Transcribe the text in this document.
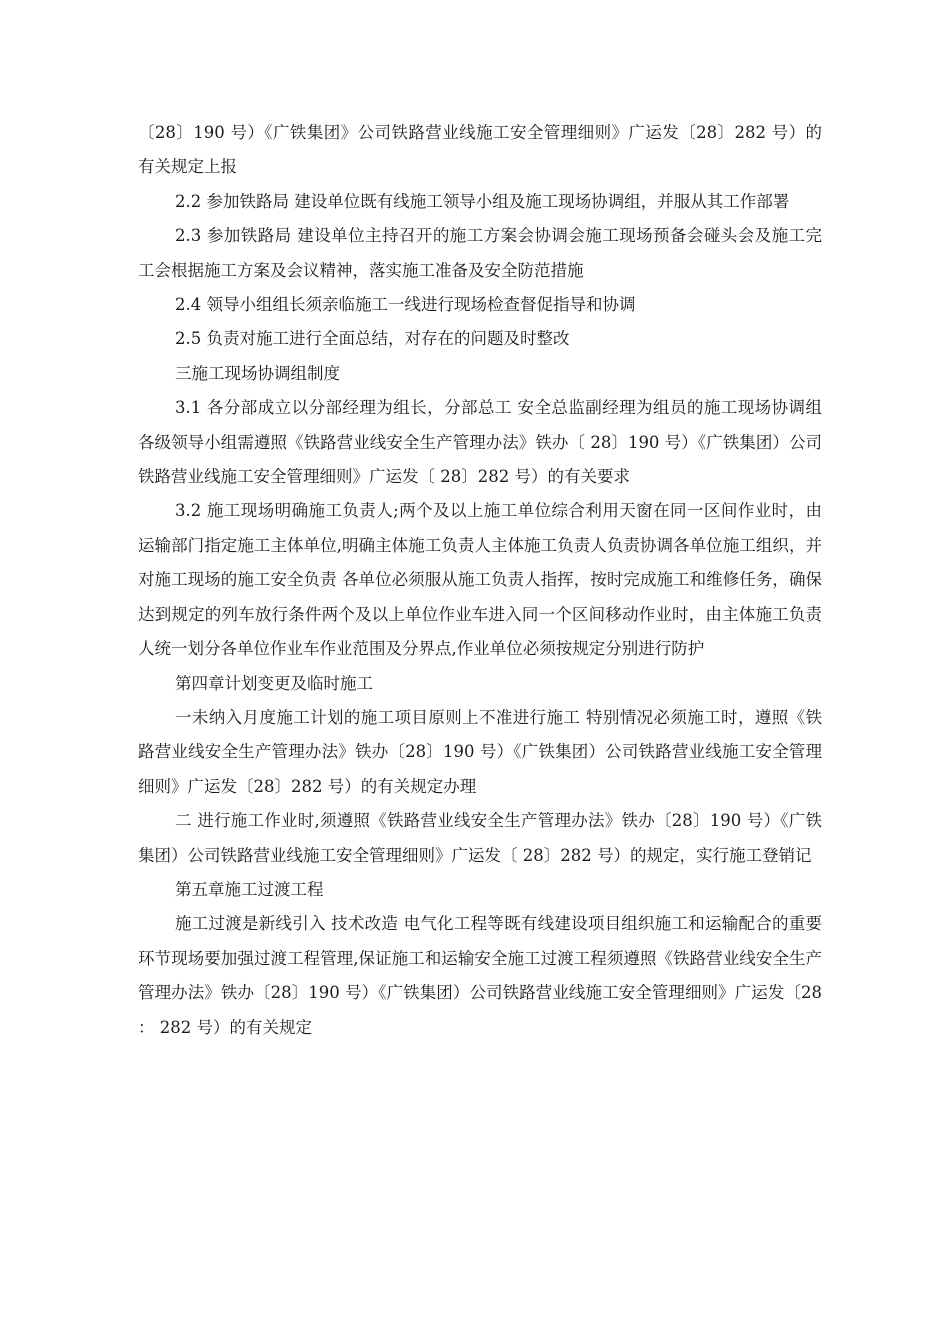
〔28〕190 号）《广铁集团》公司铁路营业线施工安全管理细则》广运发〔28〕282 号）的有关规定上报

2.2 参加铁路局 建设单位既有线施工领导小组及施工现场协调组，并服从其工作部署

2.3 参加铁路局 建设单位主持召开的施工方案会协调会施工现场预备会碰头会及施工完工会根据施工方案及会议精神，落实施工准备及安全防范措施

2.4 领导小组组长须亲临施工一线进行现场检查督促指导和协调

2.5 负责对施工进行全面总结，对存在的问题及时整改

三施工现场协调组制度

3.1 各分部成立以分部经理为组长，分部总工 安全总监副经理为组员的施工现场协调组各级领导小组需遵照《铁路营业线安全生产管理办法》铁办〔 28〕190 号）《广铁集团）公司铁路营业线施工安全管理细则》广运发〔 28〕282 号）的有关要求

3.2 施工现场明确施工负责人;两个及以上施工单位综合利用天窗在同一区间作业时，由运输部门指定施工主体单位,明确主体施工负责人主体施工负责人负责协调各单位施工组织，并对施工现场的施工安全负责 各单位必须服从施工负责人指挥，按时完成施工和维修任务，确保达到规定的列车放行条件两个及以上单位作业车进入同一个区间移动作业时，由主体施工负责人统一划分各单位作业车作业范围及分界点,作业单位必须按规定分别进行防护

第四章计划变更及临时施工

一未纳入月度施工计划的施工项目原则上不准进行施工 特别情况必须施工时，遵照《铁路营业线安全生产管理办法》铁办〔28〕190 号）《广铁集团）公司铁路营业线施工安全管理细则》广运发〔28〕282 号）的有关规定办理

二 进行施工作业时,须遵照《铁路营业线安全生产管理办法》铁办〔28〕190 号）《广铁集团）公司铁路营业线施工安全管理细则》广运发〔 28〕282 号）的规定，实行施工登销记

第五章施工过渡工程

施工过渡是新线引入 技术改造 电气化工程等既有线建设项目组织施工和运输配合的重要环节现场要加强过渡工程管理,保证施工和运输安全施工过渡工程须遵照《铁路营业线安全生产管理办法》铁办〔28〕190 号）《广铁集团）公司铁路营业线施工安全管理细则》广运发〔28 ： 282 号）的有关规定
